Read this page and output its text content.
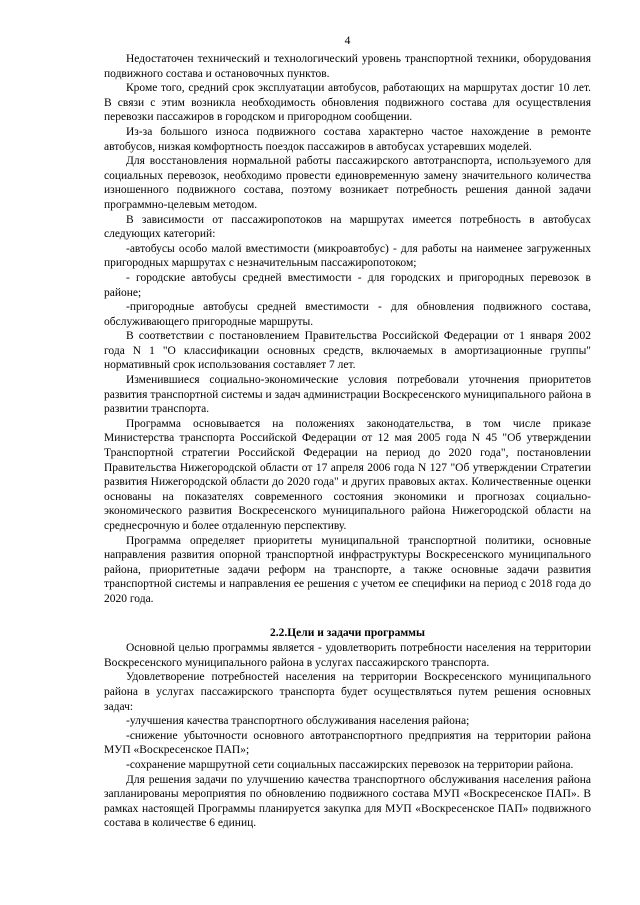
4

Недостаточен технический и технологический уровень транспортной техники, оборудования подвижного состава и остановочных пунктов.

Кроме того, средний срок эксплуатации автобусов, работающих на маршрутах достиг 10 лет. В связи с этим возникла необходимость обновления подвижного состава для осуществления перевозки пассажиров в городском и пригородном сообщении.

Из-за большого износа подвижного состава характерно частое нахождение в ремонте автобусов, низкая комфортность поездок пассажиров в автобусах устаревших моделей.

Для восстановления нормальной работы пассажирского автотранспорта, используемого для социальных перевозок, необходимо провести единовременную замену значительного количества изношенного подвижного состава, поэтому возникает потребность решения данной задачи программно-целевым методом.

В зависимости от пассажиропотоков на маршрутах имеется потребность в автобусах следующих категорий:

-автобусы особо малой вместимости (микроавтобус) - для работы на наименее загруженных пригородных маршрутах с незначительным пассажиропотоком;

- городские автобусы средней вместимости - для городских и пригородных перевозок в районе;

-пригородные автобусы средней вместимости - для обновления подвижного состава, обслуживающего пригородные маршруты.

В соответствии с постановлением Правительства Российской Федерации от 1 января 2002 года N 1 "О классификации основных средств, включаемых в амортизационные группы" нормативный срок использования составляет 7 лет.

Изменившиеся социально-экономические условия потребовали уточнения приоритетов развития транспортной системы и задач администрации Воскресенского муниципального района в развитии транспорта.

Программа основывается на положениях законодательства, в том числе приказе Министерства транспорта Российской Федерации от 12 мая 2005 года N 45 "Об утверждении Транспортной стратегии Российской Федерации на период до 2020 года", постановлении Правительства Нижегородской области от 17 апреля 2006 года N 127 "Об утверждении Стратегии развития Нижегородской области до 2020 года" и других правовых актах. Количественные оценки основаны на показателях современного состояния экономики и прогнозах социально-экономического развития Воскресенского муниципального района Нижегородской области на среднесрочную и более отдаленную перспективу.

Программа определяет приоритеты муниципальной транспортной политики, основные направления развития опорной транспортной инфраструктуры Воскресенского муниципального района, приоритетные задачи реформ на транспорте, а также основные задачи развития транспортной системы и направления ее решения с учетом ее специфики на период с 2018 года до 2020 года.

2.2.Цели и задачи программы

Основной целью программы является - удовлетворить потребности населения на территории Воскресенского муниципального района в услугах пассажирского транспорта.

Удовлетворение потребностей населения на территории Воскресенского муниципального района в услугах пассажирского транспорта будет осуществляться путем решения основных задач:

-улучшения качества транспортного обслуживания населения района;

-снижение убыточности основного автотранспортного предприятия на территории района МУП «Воскресенское ПАП»;

-сохранение маршрутной сети социальных пассажирских перевозок на территории района.

Для решения задачи по улучшению качества транспортного обслуживания населения района запланированы мероприятия по обновлению подвижного состава МУП «Воскресенское ПАП». В рамках настоящей Программы планируется закупка для МУП «Воскресенское ПАП» подвижного состава в количестве 6 единиц.
